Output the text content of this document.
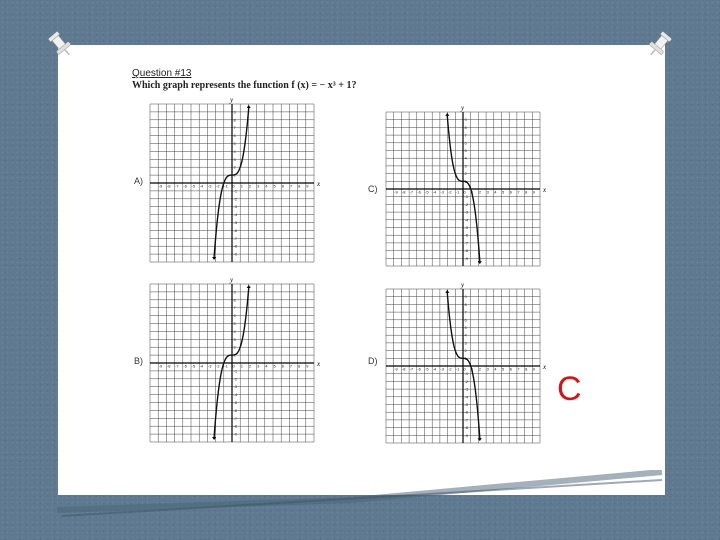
Question #13
Which graph represents the function f (x) = − x³ + 1?
x
y
-9 -8 -7 -6 -5 -4 -3 -2 -1 0 1 2 3 4 5 6 7 8 9
9
8
7
6
5
4
3
2
1
-1
-2
-3
-4
-5
-6
-7
-8
-9
A)
x
y
-9 -8 -7 -6 -5 -4 -3 -2 -1 0 1 2 3 4 5 6 7 8 9
9
8
7
6
5
4
3
2
1
-1
-2
-3
-4
-5
-6
-7
-8
-9
B)
x
y
-9 -8 -7 -6 -5 -4 -3 -2 -1 0 1 2 3 4 5 6 7 8 9
9
8
7
6
5
4
3
2
1
-1
-2
-3
-4
-5
-6
-7
-8
-9
C)
x
y
-9 -8 -7 -6 -5 -4 -3 -2 -1 0 1 2 3 4 5 6 7 8 9
9
8
7
6
5
4
3
2
1
-1
-2
-3
-4
-5
-6
-7
-8
-9
D)
C
